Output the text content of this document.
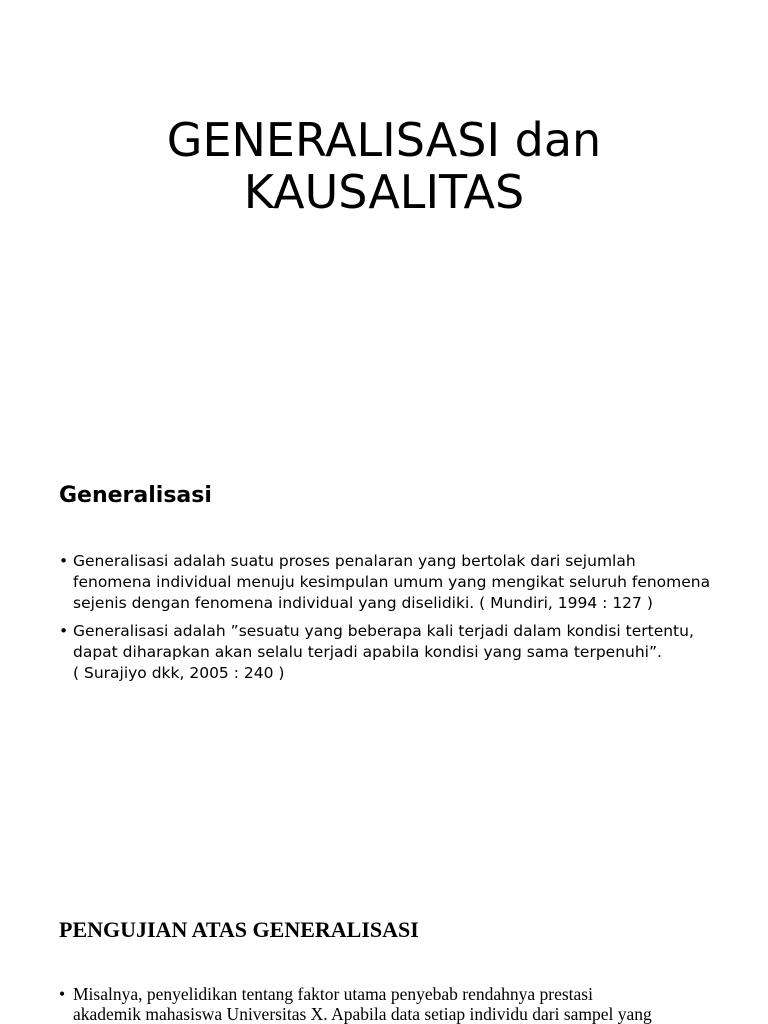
GENERALISASI dan
KAUSALITAS
Generalisasi
• Generalisasi adalah suatu proses penalaran yang bertolak dari sejumlah
fenomena individual menuju kesimpulan umum yang mengikat seluruh fenomena
sejenis dengan fenomena individual yang diselidiki. ( Mundiri, 1994 : 127 )
• Generalisasi adalah ”sesuatu yang beberapa kali terjadi dalam kondisi tertentu,
dapat diharapkan akan selalu terjadi apabila kondisi yang sama terpenuhi”.
( Surajiyo dkk, 2005 : 240 )
PENGUJIAN ATAS GENERALISASI
• Misalnya, penyelidikan tentang faktor utama penyebab rendahnya prestasi
akademik mahasiswa Universitas X. Apabila data setiap individu dari sampel yang
